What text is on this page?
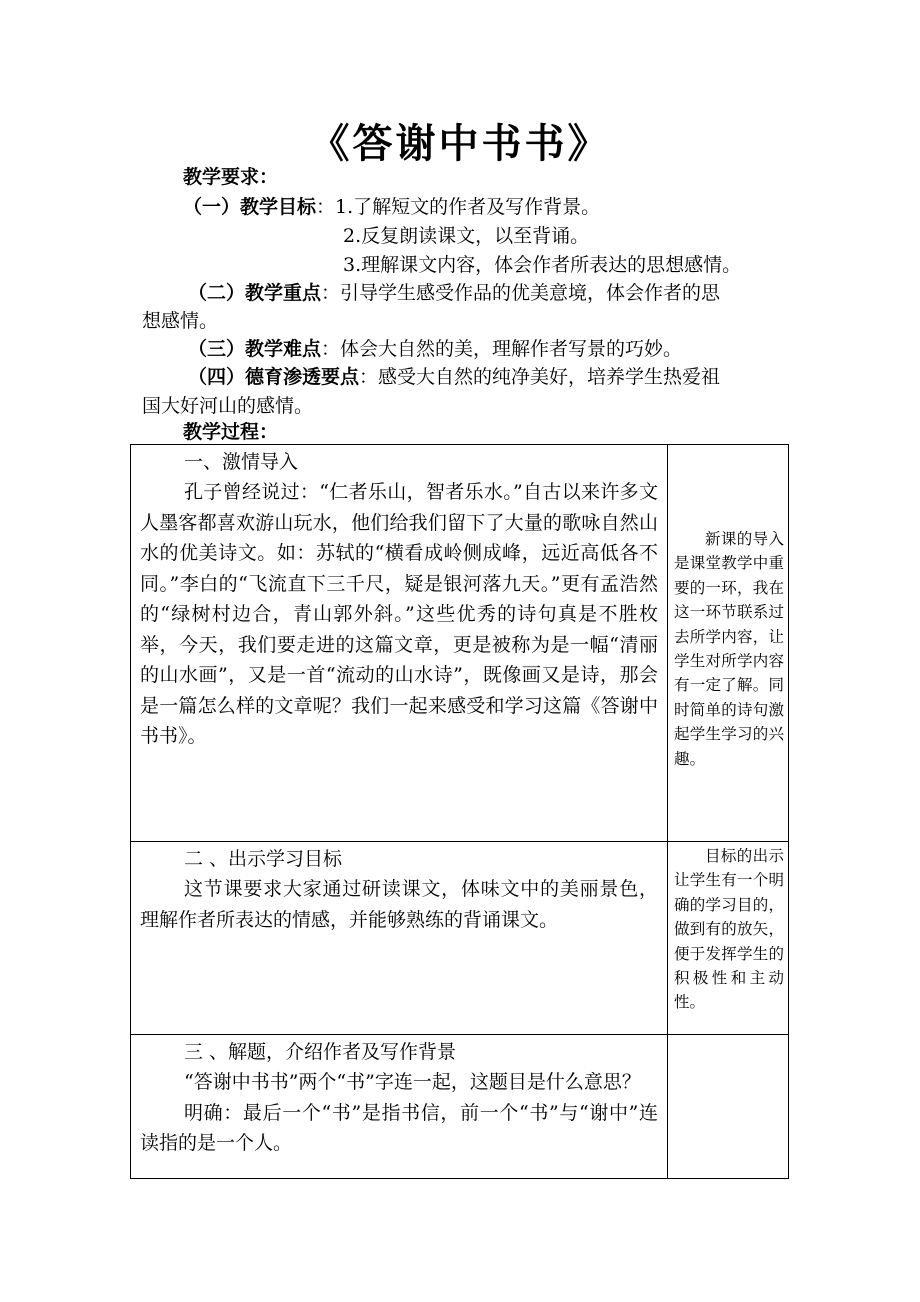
《答谢中书书》
教学要求：
（一）教学目标：1.了解短文的作者及写作背景。
2.反复朗读课文，以至背诵。
3.理解课文内容，体会作者所表达的思想感情。
（二）教学重点：引导学生感受作品的优美意境，体会作者的思
想感情。
（三）教学难点：体会大自然的美，理解作者写景的巧妙。
（四）德育渗透要点：感受大自然的纯净美好，培养学生热爱祖
国大好河山的感情。
教学过程：
一、激情导入

孔子曾经说过：“仁者乐山，智者乐水。”自古以来许多文人墨客都喜欢游山玩水，他们给我们留下了大量的歌咏自然山水的优美诗文。如：苏轼的“横看成岭侧成峰，远近高低各不同。”李白的“飞流直下三千尺，疑是银河落九天。”更有孟浩然的“绿树村边合，青山郭外斜。”这些优秀的诗句真是不胜枚举，今天，我们要走进的这篇文章，更是被称为是一幅“清丽的山水画”，又是一首“流动的山水诗”，既像画又是诗，那会是一篇怎么样的文章呢？我们一起来感受和学习这篇《答谢中书书》。

新课的导入是课堂教学中重要的一环，我在这一环节联系过去所学内容，让学生对所学内容有一定了解。同时简单的诗句激起学生学习的兴趣。

二 、出示学习目标

这节课要求大家通过研读课文，体味文中的美丽景色，理解作者所表达的情感，并能够熟练的背诵课文。

目标的出示让学生有一个明确的学习目的，做到有的放矢，便于发挥学生的积极性和主动性。

三 、解题，介绍作者及写作背景

“答谢中书书”两个“书”字连一起，这题目是什么意思？

明确：最后一个“书”是指书信，前一个“书”与“谢中”连读指的是一个人。
